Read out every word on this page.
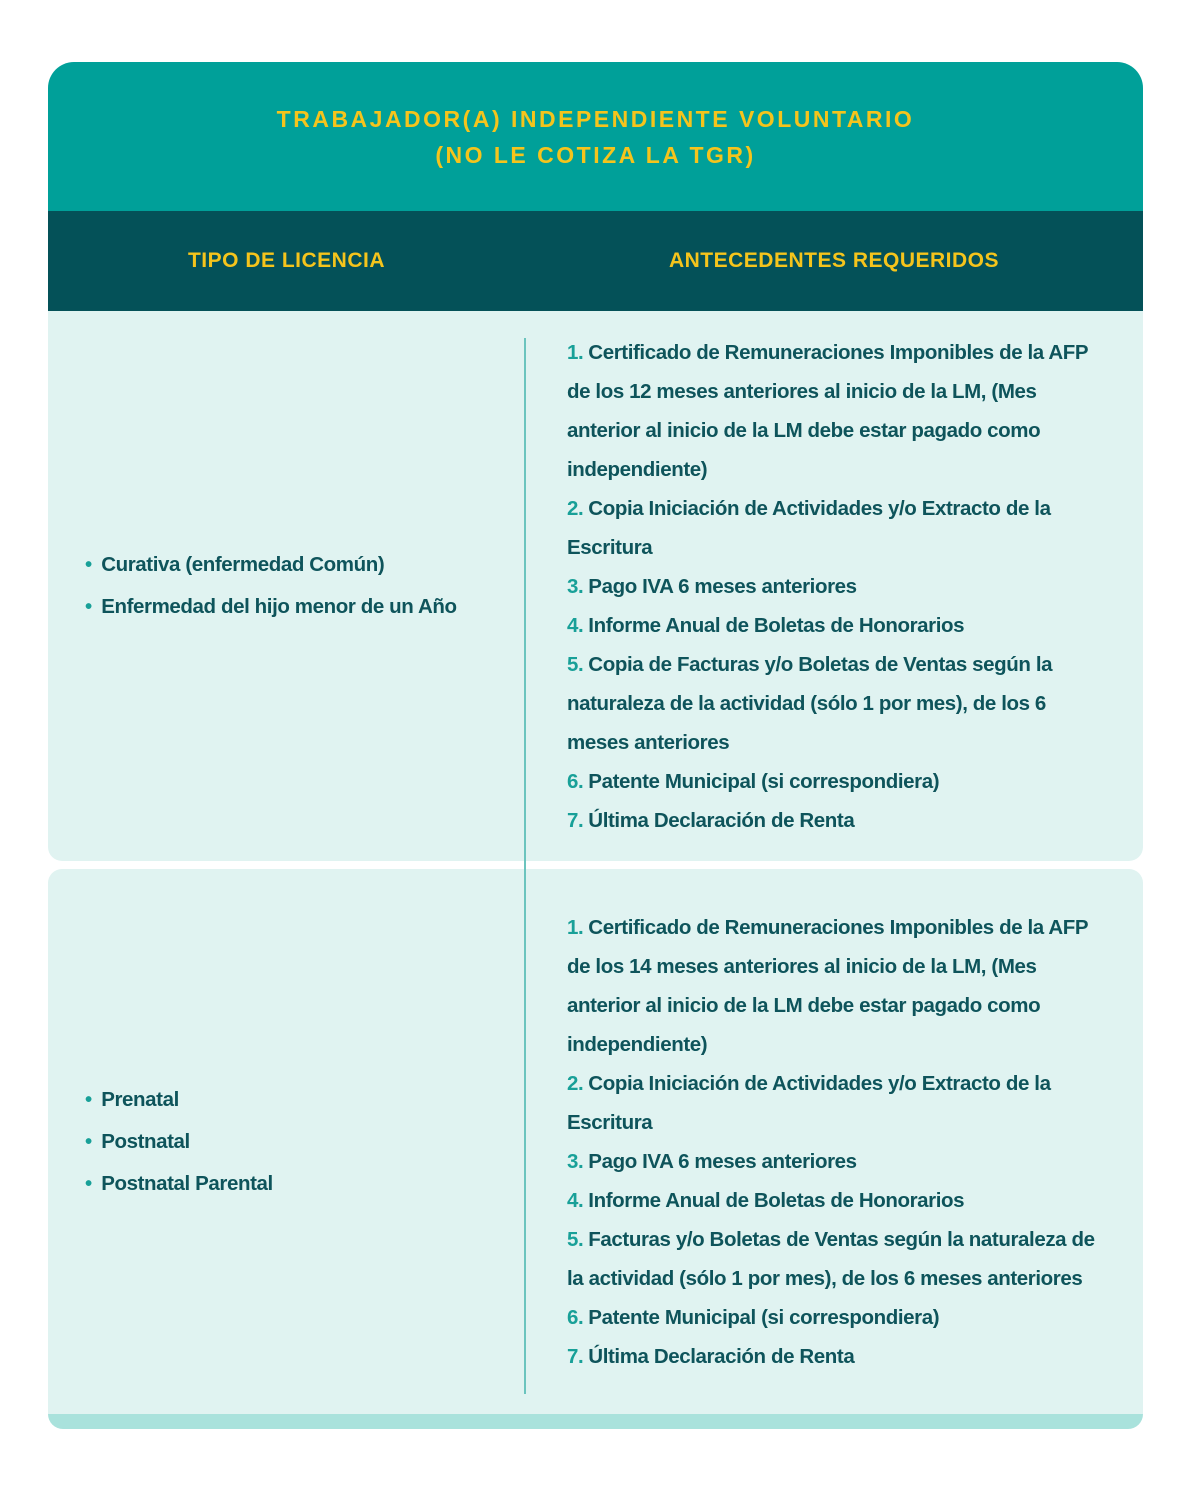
TRABAJADOR(A) INDEPENDIENTE VOLUNTARIO
(NO LE COTIZA LA TGR)
TIPO DE LICENCIA	ANTECEDENTES REQUERIDOS
• Curativa (enfermedad Común)
• Enfermedad del hijo menor de un Año
1. Certificado de Remuneraciones Imponibles de la AFP de los 12 meses anteriores al inicio de la LM, (Mes anterior al inicio de la LM debe estar pagado como independiente)
2. Copia Iniciación de Actividades y/o Extracto de la Escritura
3. Pago IVA 6 meses anteriores
4. Informe Anual de Boletas de Honorarios
5. Copia de Facturas y/o Boletas de Ventas según la naturaleza de la actividad (sólo 1 por mes), de los 6 meses anteriores
6. Patente Municipal (si correspondiera)
7. Última Declaración de Renta
• Prenatal
• Postnatal
• Postnatal Parental
1. Certificado de Remuneraciones Imponibles de la AFP de los 14 meses anteriores al inicio de la LM, (Mes anterior al inicio de la LM debe estar pagado como independiente)
2. Copia Iniciación de Actividades y/o Extracto de la Escritura
3. Pago IVA 6 meses anteriores
4. Informe Anual de Boletas de Honorarios
5. Facturas y/o Boletas de Ventas según la naturaleza de la actividad (sólo 1 por mes), de los 6 meses anteriores
6. Patente Municipal (si correspondiera)
7. Última Declaración de Renta
